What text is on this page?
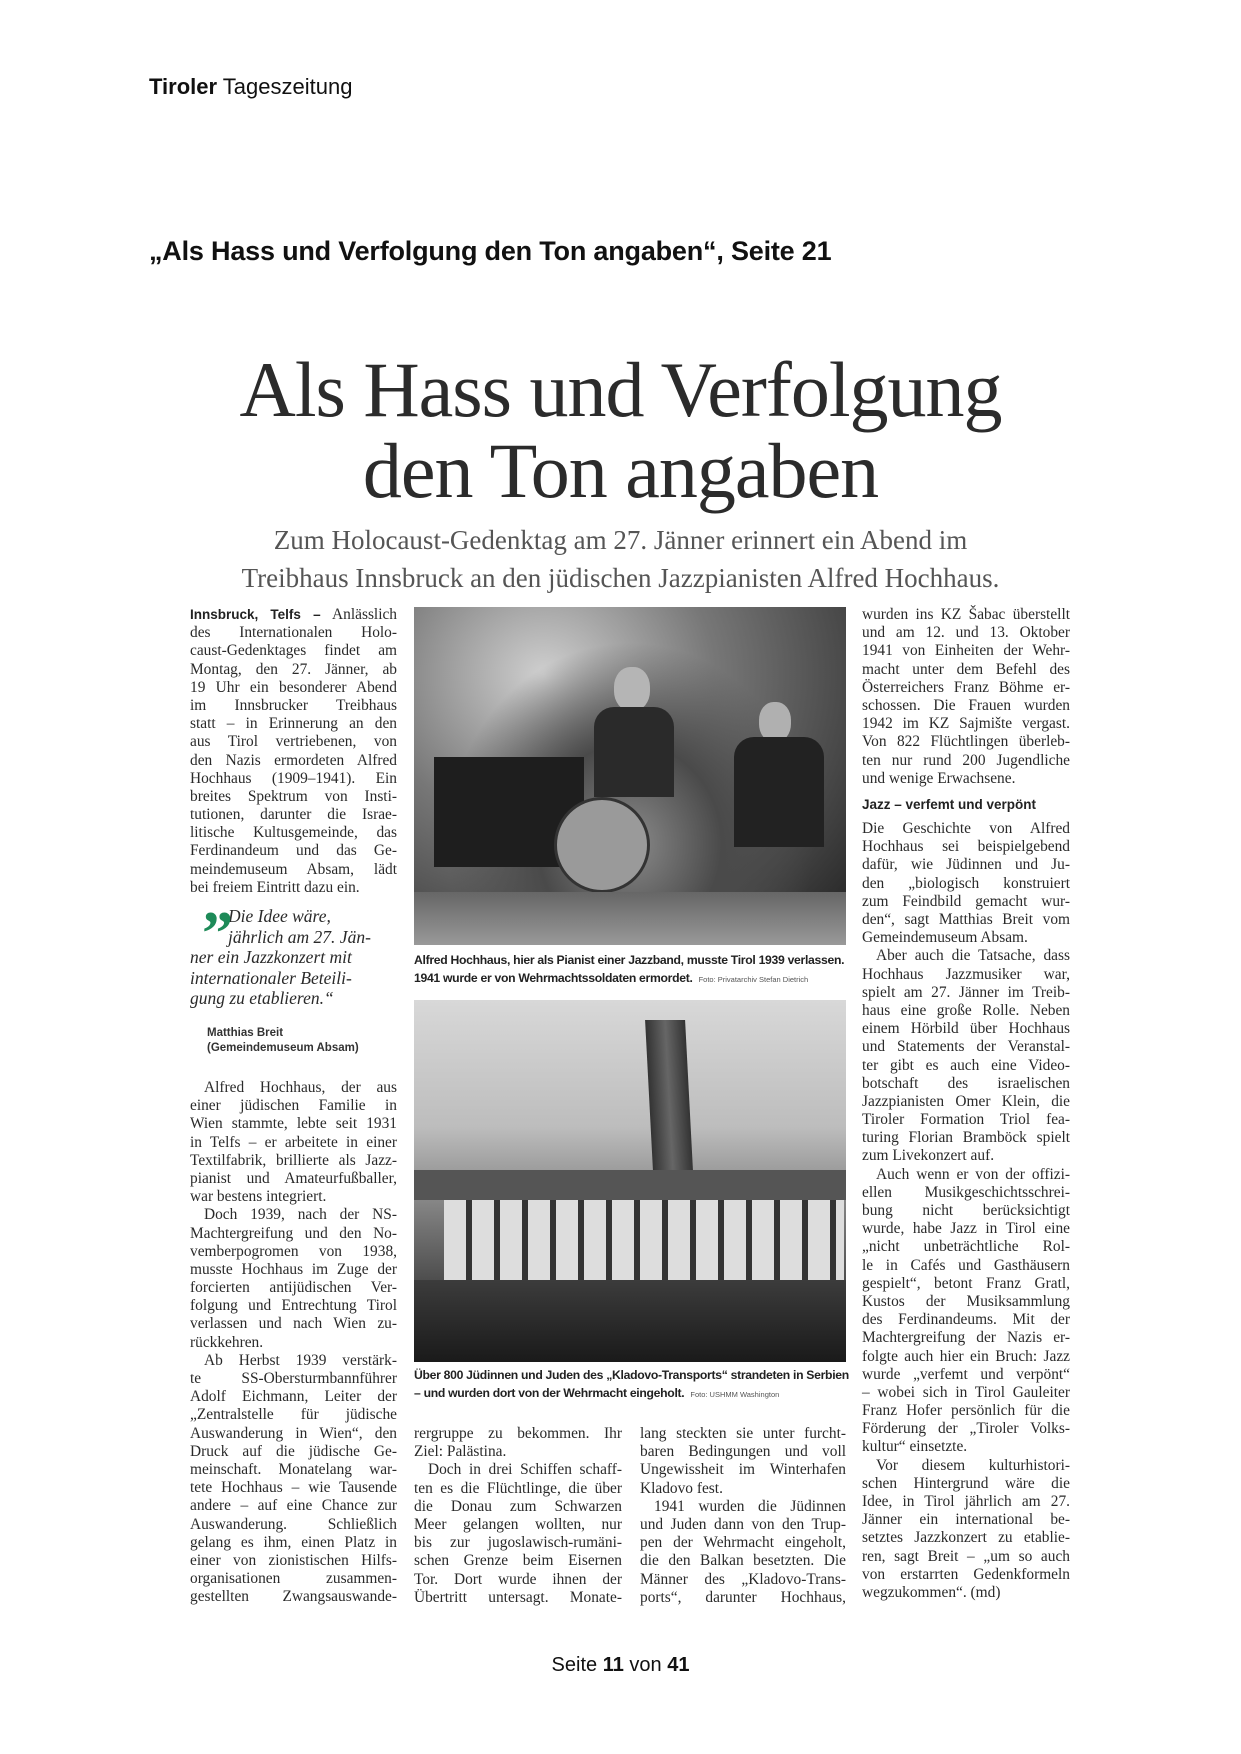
Tiroler Tageszeitung
„Als Hass und Verfolgung den Ton angaben“, Seite 21
Als Hass und Verfolgung
den Ton angaben
Zum Holocaust-Gedenktag am 27. Jänner erinnert ein Abend im
Treibhaus Innsbruck an den jüdischen Jazzpianisten Alfred Hochhaus.
Innsbruck, Telfs – Anlässlich
des Internationalen Holo-
caust-Gedenktages findet am
Montag, den 27. Jänner, ab
19 Uhr ein besonderer Abend
im Innsbrucker Treibhaus
statt – in Erinnerung an den
aus Tirol vertriebenen, von
den Nazis ermordeten Alfred
Hochhaus (1909–1941). Ein
breites Spektrum von Insti-
tutionen, darunter die Israe-
litische Kultusgemeinde, das
Ferdinandeum und das Ge-
meindemuseum Absam, lädt
bei freiem Eintritt dazu ein.
”
Die Idee wäre,
jährlich am 27. Jän-
ner ein Jazzkonzert mit
internationaler Beteili-
gung zu etablieren.“
Matthias Breit
(Gemeindemuseum Absam)
Alfred Hochhaus, der aus
einer jüdischen Familie in
Wien stammte, lebte seit 1931
in Telfs – er arbeitete in einer
Textilfabrik, brillierte als Jazz-
pianist und Amateurfußballer,
war bestens integriert.
Doch 1939, nach der NS-
Machtergreifung und den No-
vemberpogromen von 1938,
musste Hochhaus im Zuge der
forcierten antijüdischen Ver-
folgung und Entrechtung Tirol
verlassen und nach Wien zu-
rückkehren.
Ab Herbst 1939 verstärk-
te SS-Obersturmbannführer
Adolf Eichmann, Leiter der
„Zentralstelle für jüdische
Auswanderung in Wien“, den
Druck auf die jüdische Ge-
meinschaft. Monatelang war-
tete Hochhaus – wie Tausende
andere – auf eine Chance zur
Auswanderung. Schließlich
gelang es ihm, einen Platz in
einer von zionistischen Hilfs-
organisationen zusammen-
gestellten Zwangsauswande-
Alfred Hochhaus, hier als Pianist einer Jazzband, musste Tirol 1939 verlassen. 1941 wurde er von Wehrmachtssoldaten ermordet. Foto: Privatarchiv Stefan Dietrich
Über 800 Jüdinnen und Juden des „Kladovo-Transports“ strandeten in Serbien – und wurden dort von der Wehrmacht eingeholt. Foto: USHMM Washington
rergruppe zu bekommen. Ihr
Ziel: Palästina.
Doch in drei Schiffen schaff-
ten es die Flüchtlinge, die über
die Donau zum Schwarzen
Meer gelangen wollten, nur
bis zur jugoslawisch-rumäni-
schen Grenze beim Eisernen
Tor. Dort wurde ihnen der
Übertritt untersagt. Monate-
lang steckten sie unter furcht-
baren Bedingungen und voll
Ungewissheit im Winterhafen
Kladovo fest.
1941 wurden die Jüdinnen
und Juden dann von den Trup-
pen der Wehrmacht eingeholt,
die den Balkan besetzten. Die
Männer des „Kladovo-Trans-
ports“, darunter Hochhaus,
wurden ins KZ Šabac überstellt
und am 12. und 13. Oktober
1941 von Einheiten der Wehr-
macht unter dem Befehl des
Österreichers Franz Böhme er-
schossen. Die Frauen wurden
1942 im KZ Sajmište vergast.
Von 822 Flüchtlingen überleb-
ten nur rund 200 Jugendliche
und wenige Erwachsene.
Jazz – verfemt und verpönt
Die Geschichte von Alfred
Hochhaus sei beispielgebend
dafür, wie Jüdinnen und Ju-
den „biologisch konstruiert
zum Feindbild gemacht wur-
den“, sagt Matthias Breit vom
Gemeindemuseum Absam.
Aber auch die Tatsache, dass
Hochhaus Jazzmusiker war,
spielt am 27. Jänner im Treib-
haus eine große Rolle. Neben
einem Hörbild über Hochhaus
und Statements der Veranstal-
ter gibt es auch eine Video-
botschaft des israelischen
Jazzpianisten Omer Klein, die
Tiroler Formation Triol fea-
turing Florian Bramböck spielt
zum Livekonzert auf.
Auch wenn er von der offizi-
ellen Musikgeschichtsschrei-
bung nicht berücksichtigt
wurde, habe Jazz in Tirol eine
„nicht unbeträchtliche Rol-
le in Cafés und Gasthäusern
gespielt“, betont Franz Gratl,
Kustos der Musiksammlung
des Ferdinandeums. Mit der
Machtergreifung der Nazis er-
folgte auch hier ein Bruch: Jazz
wurde „verfemt und verpönt“
– wobei sich in Tirol Gauleiter
Franz Hofer persönlich für die
Förderung der „Tiroler Volks-
kultur“ einsetzte.
Vor diesem kulturhistori-
schen Hintergrund wäre die
Idee, in Tirol jährlich am 27.
Jänner ein international be-
setztes Jazzkonzert zu etablie-
ren, sagt Breit – „um so auch
von erstarrten Gedenkformeln
wegzukommen“. (md)
Seite 11 von 41
